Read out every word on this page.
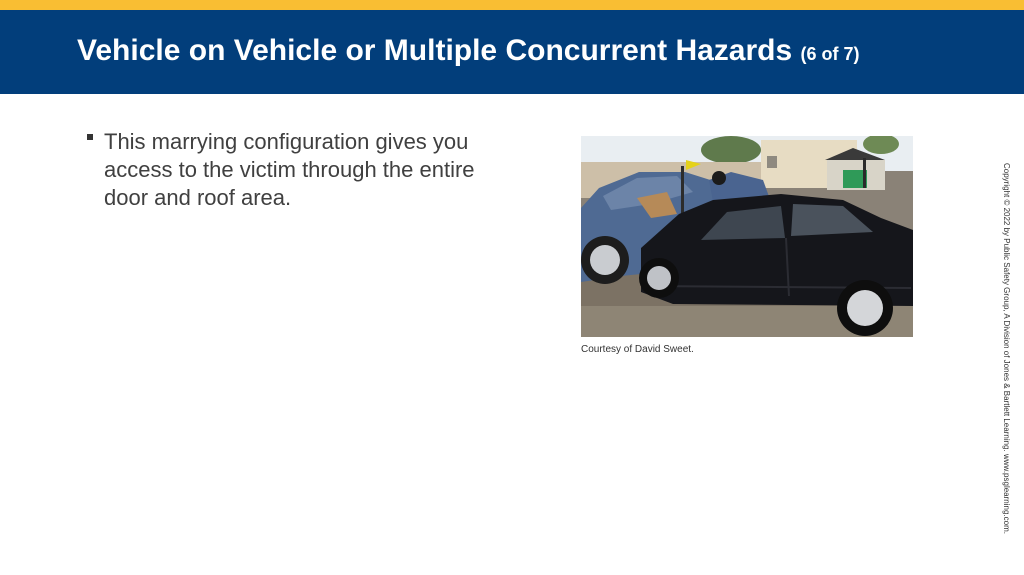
Vehicle on Vehicle or Multiple Concurrent Hazards (6 of 7)
This marrying configuration gives you access to the victim through the entire door and roof area.
Courtesy of David Sweet.	Copyright © 2022 by Public Safety Group, A Division of Jones & Bartlett Learning. www.psglearning.com.
